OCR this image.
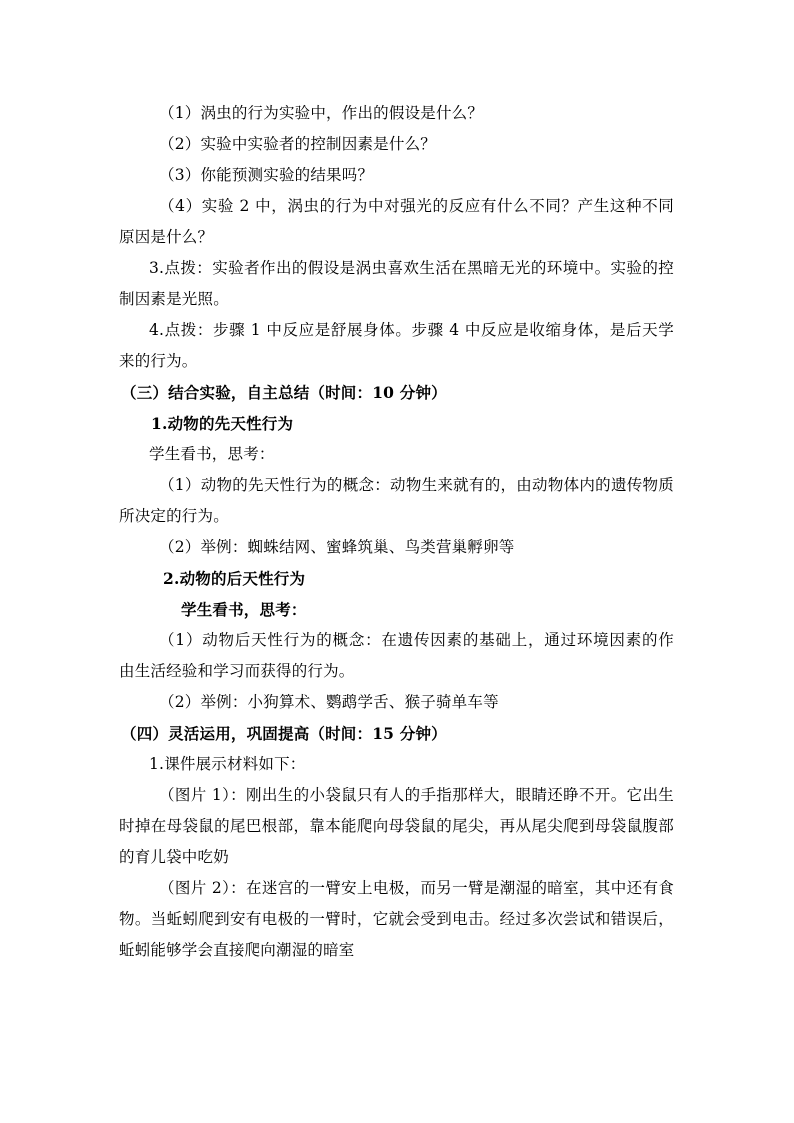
（1）涡虫的行为实验中，作出的假设是什么？
（2）实验中实验者的控制因素是什么？
（3）你能预测实验的结果吗？
（4）实验 2 中，涡虫的行为中对强光的反应有什么不同？产生这种不同
原因是什么？
3.点拨：实验者作出的假设是涡虫喜欢生活在黑暗无光的环境中。实验的控
制因素是光照。
4.点拨：步骤 1 中反应是舒展身体。步骤 4 中反应是收缩身体，是后天学
来的行为。
（三）结合实验，自主总结（时间：10 分钟）
1.动物的先天性行为
学生看书，思考：
（1）动物的先天性行为的概念：动物生来就有的，由动物体内的遗传物质
所决定的行为。
（2）举例：蜘蛛结网、蜜蜂筑巢、鸟类营巢孵卵等
2.动物的后天性行为
学生看书，思考：
（1）动物后天性行为的概念：在遗传因素的基础上，通过环境因素的作
由生活经验和学习而获得的行为。
（2）举例：小狗算术、鹦鹉学舌、猴子骑单车等
（四）灵活运用，巩固提高（时间：15 分钟）
1.课件展示材料如下：
（图片 1）：刚出生的小袋鼠只有人的手指那样大，眼睛还睁不开。它出生
时掉在母袋鼠的尾巴根部，靠本能爬向母袋鼠的尾尖，再从尾尖爬到母袋鼠腹部
的育儿袋中吃奶
（图片 2）：在迷宫的一臂安上电极，而另一臂是潮湿的暗室，其中还有食
物。当蚯蚓爬到安有电极的一臂时，它就会受到电击。经过多次尝试和错误后，
蚯蚓能够学会直接爬向潮湿的暗室
